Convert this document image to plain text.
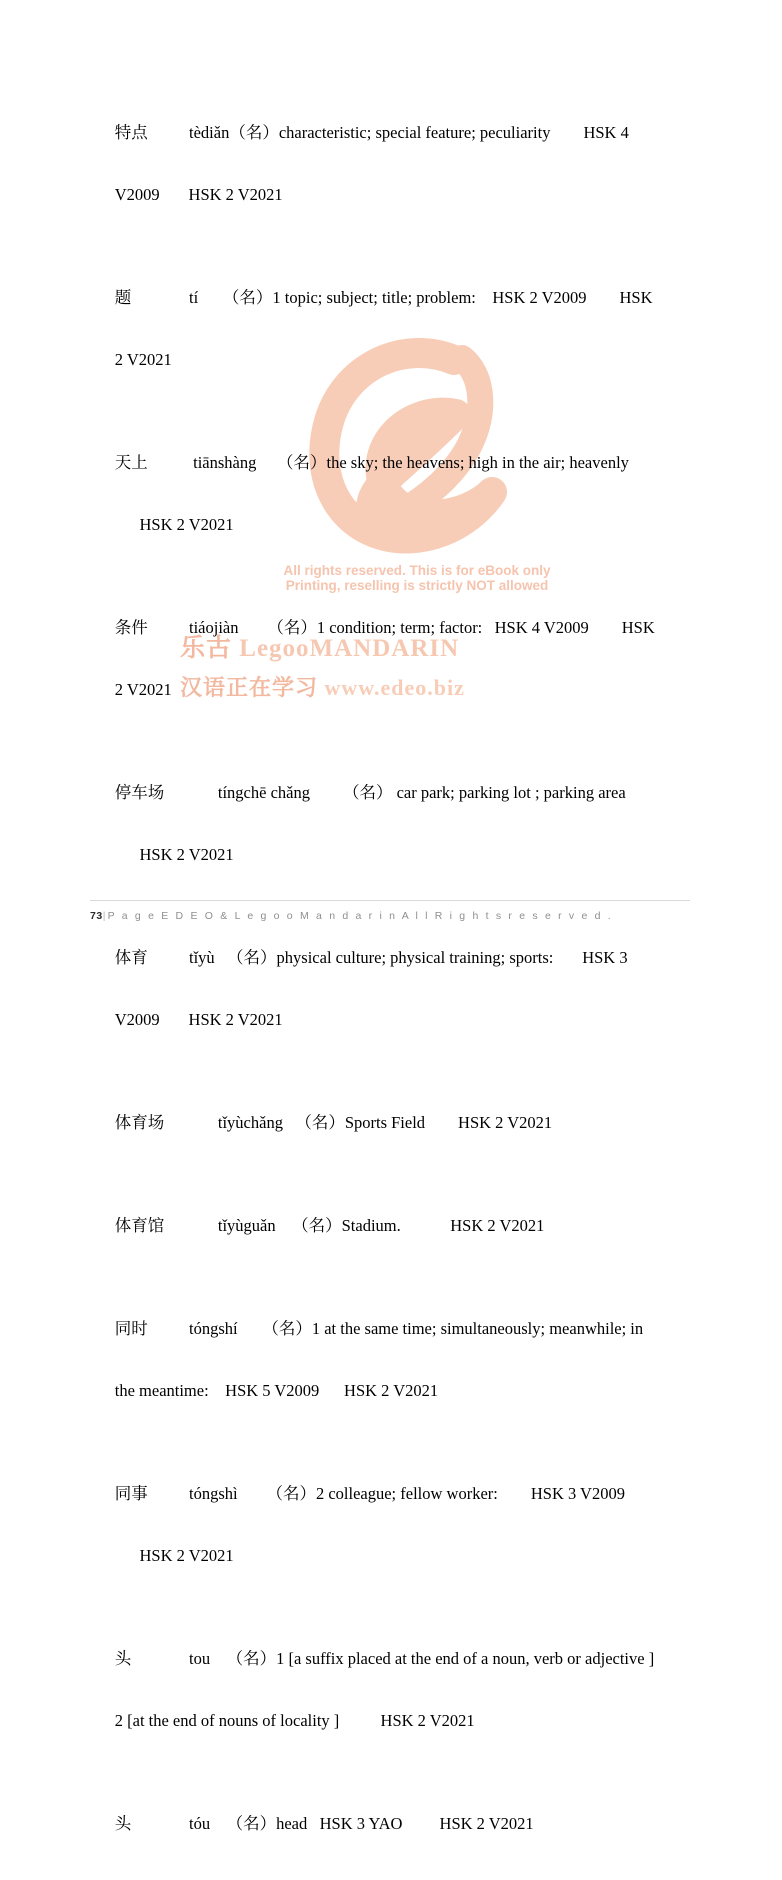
All rights reserved. This is for eBook only
Printing, reselling is strictly NOT allowed
乐古 LegooMANDARIN
汉语正在学习 www.edeo.biz

特点          tèdiǎn（名）characteristic; special feature; peculiarity        HSK 4

V2009       HSK 2 V2021

题              tí      （名）1 topic; subject; title; problem:    HSK 2 V2009        HSK

2 V2021

天上           tiānshàng     （名）the sky; the heavens; high in the air; heavenly

HSK 2 V2021

条件          tiáojiàn       （名）1 condition; term; factor:   HSK 4 V2009        HSK

2 V2021

停车场             tíngchē chǎng        （名） car park; parking lot ; parking area

HSK 2 V2021

体育          tǐyù   （名）physical culture; physical training; sports:       HSK 3

V2009       HSK 2 V2021

体育场             tǐyùchǎng   （名）Sports Field        HSK 2 V2021

体育馆             tǐyùguǎn    （名）Stadium.            HSK 2 V2021

同时          tóngshí      （名）1 at the same time; simultaneously; meanwhile; in

the meantime:    HSK 5 V2009      HSK 2 V2021

同事          tóngshì       （名）2 colleague; fellow worker:        HSK 3 V2009

HSK 2 V2021

头              tou    （名）1 [a suffix placed at the end of a noun, verb or adjective ]

2 [at the end of nouns of locality ]          HSK 2 V2021

头              tóu    （名）head   HSK 3 YAO         HSK 2 V2021

73|P a g e E D E O & L e g o o M a n d a r i n A l l R i g h t s r e s e r v e d .
